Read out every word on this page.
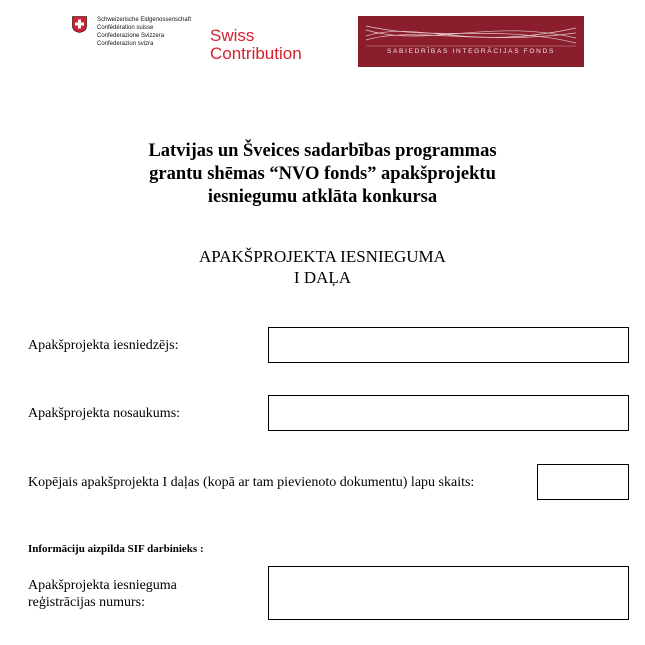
Schweizerische Eidgenossenschaft
Confédération suisse
Confederazione Svizzera
Confederaziun svizra	Swiss
Contribution	SABIEDRĪBAS INTEGRĀCIJAS FONDS
Latvijas un Šveices sadarbības programmas
grantu shēmas “NVO fonds” apakšprojektu
iesniegumu atklāta konkursa
APAKŠPROJEKTA IESNIEGUMA
I DAĻA
Apakšprojekta iesniedzējs:
Apakšprojekta nosaukums:
Kopējais apakšprojekta I daļas (kopā ar tam pievienoto dokumentu) lapu skaits:
Informāciju aizpilda SIF darbinieks :
Apakšprojekta iesnieguma
reģistrācijas numurs:
